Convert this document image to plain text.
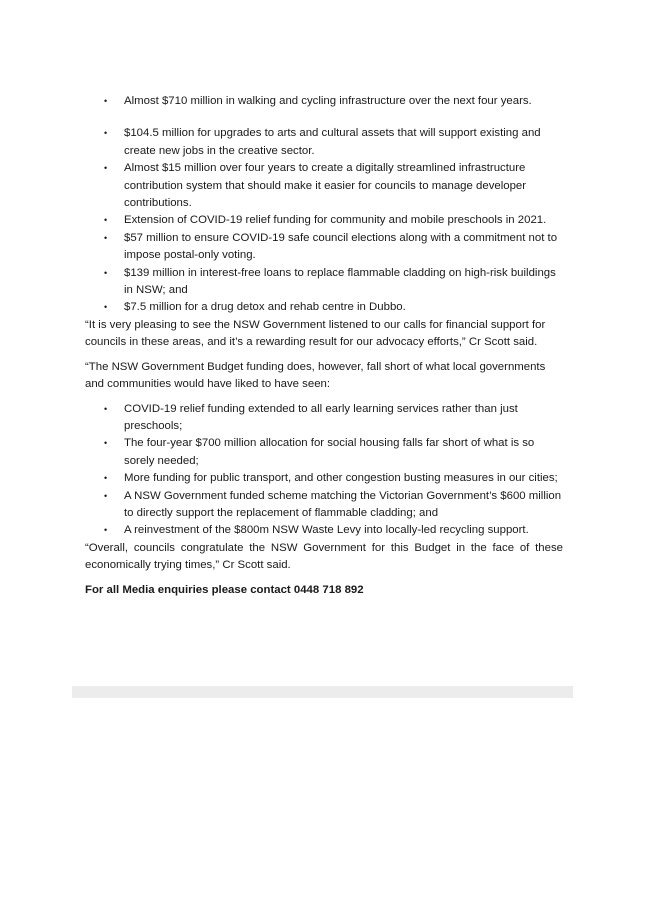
• Almost $710 million in walking and cycling infrastructure over the next four years.
• $104.5 million for upgrades to arts and cultural assets that will support existing and create new jobs in the creative sector.
• Almost $15 million over four years to create a digitally streamlined infrastructure contribution system that should make it easier for councils to manage developer contributions.
• Extension of COVID-19 relief funding for community and mobile preschools in 2021.
• $57 million to ensure COVID-19 safe council elections along with a commitment not to impose postal-only voting.
• $139 million in interest-free loans to replace flammable cladding on high-risk buildings in NSW; and
• $7.5 million for a drug detox and rehab centre in Dubbo.

“It is very pleasing to see the NSW Government listened to our calls for financial support for councils in these areas, and it’s a rewarding result for our advocacy efforts,” Cr Scott said.

“The NSW Government Budget funding does, however, fall short of what local governments and communities would have liked to have seen:

• COVID-19 relief funding extended to all early learning services rather than just preschools;
• The four-year $700 million allocation for social housing falls far short of what is so sorely needed;
• More funding for public transport, and other congestion busting measures in our cities;
• A NSW Government funded scheme matching the Victorian Government’s $600 million to directly support the replacement of flammable cladding; and
• A reinvestment of the $800m NSW Waste Levy into locally-led recycling support.

“Overall, councils congratulate the NSW Government for this Budget in the face of these economically trying times,” Cr Scott said.

For all Media enquiries please contact 0448 718 892
